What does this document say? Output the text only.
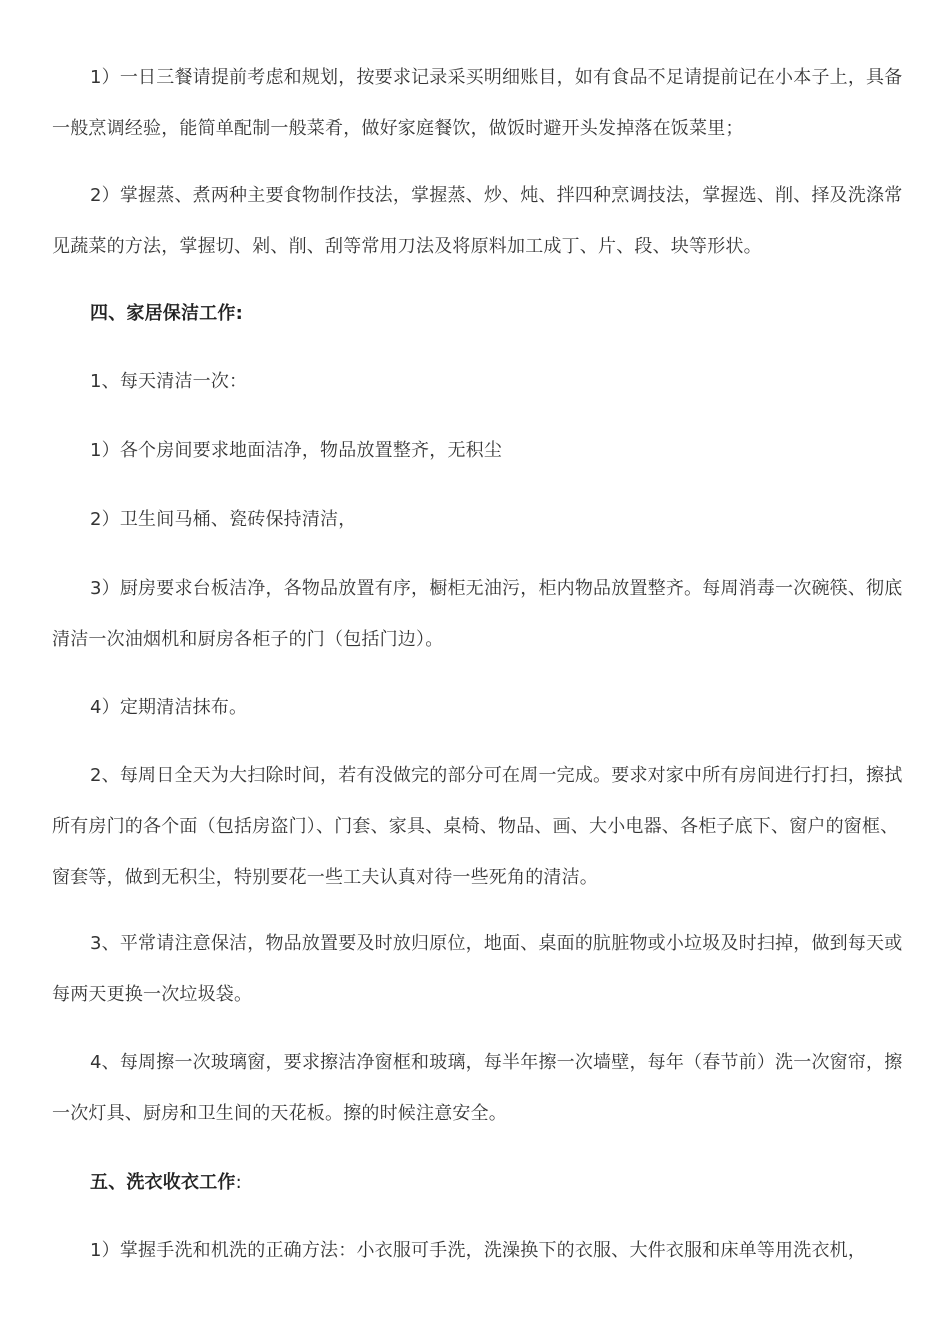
1）一日三餐请提前考虑和规划，按要求记录采买明细账目，如有食品不足请提前记在小本子上，具备一般烹调经验，能简单配制一般菜肴，做好家庭餐饮，做饭时避开头发掉落在饭菜里；

2）掌握蒸、煮两种主要食物制作技法，掌握蒸、炒、炖、拌四种烹调技法，掌握选、削、择及洗涤常见蔬菜的方法，掌握切、剁、削、刮等常用刀法及将原料加工成丁、片、段、块等形状。

四、家居保洁工作:

1、每天清洁一次：

1）各个房间要求地面洁净，物品放置整齐，无积尘

2）卫生间马桶、瓷砖保持清洁，

3）厨房要求台板洁净，各物品放置有序，橱柜无油污，柜内物品放置整齐。每周消毒一次碗筷、彻底清洁一次油烟机和厨房各柜子的门（包括门边）。

4）定期清洁抹布。

2、每周日全天为大扫除时间，若有没做完的部分可在周一完成。要求对家中所有房间进行打扫，擦拭所有房门的各个面（包括房盗门）、门套、家具、桌椅、物品、画、大小电器、各柜子底下、窗户的窗框、窗套等，做到无积尘，特别要花一些工夫认真对待一些死角的清洁。

3、平常请注意保洁，物品放置要及时放归原位，地面、桌面的肮脏物或小垃圾及时扫掉，做到每天或每两天更换一次垃圾袋。

4、每周擦一次玻璃窗，要求擦洁净窗框和玻璃，每半年擦一次墙壁，每年（春节前）洗一次窗帘，擦一次灯具、厨房和卫生间的天花板。擦的时候注意安全。

五、洗衣收衣工作:

1）掌握手洗和机洗的正确方法：小衣服可手洗，洗澡换下的衣服、大件衣服和床单等用洗衣机，
